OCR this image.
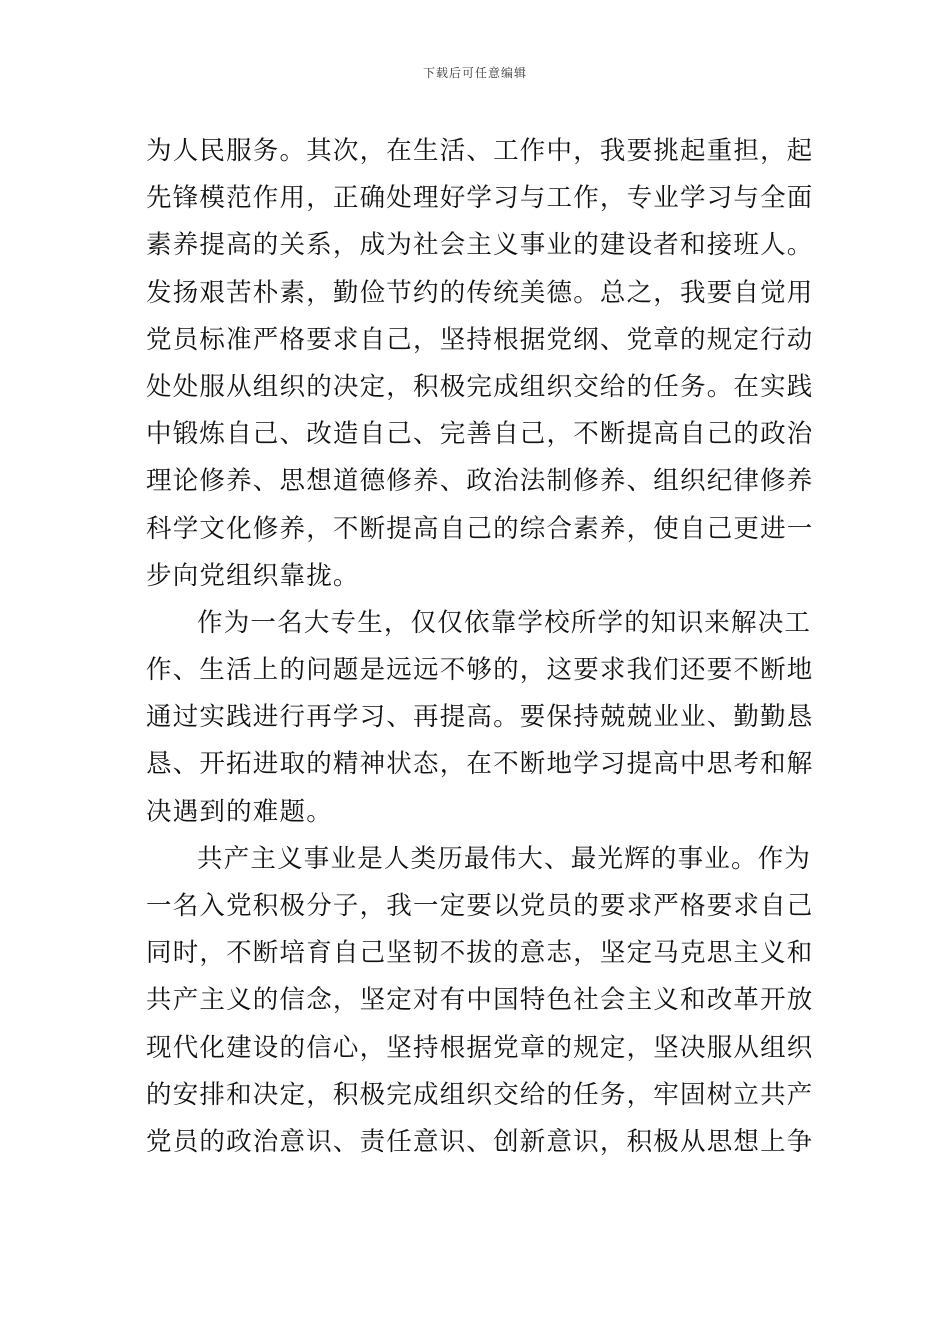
下载后可任意编辑
为人民服务。其次，在生活、工作中，我要挑起重担，起
先锋模范作用，正确处理好学习与工作，专业学习与全面
素养提高的关系，成为社会主义事业的建设者和接班人。
发扬艰苦朴素，勤俭节约的传统美德。总之，我要自觉用
党员标准严格要求自己，坚持根据党纲、党章的规定行动
处处服从组织的决定，积极完成组织交给的任务。在实践
中锻炼自己、改造自己、完善自己，不断提高自己的政治
理论修养、思想道德修养、政治法制修养、组织纪律修养
科学文化修养，不断提高自己的综合素养，使自己更进一
步向党组织靠拢。
作为一名大专生，仅仅依靠学校所学的知识来解决工
作、生活上的问题是远远不够的，这要求我们还要不断地
通过实践进行再学习、再提高。要保持兢兢业业、勤勤恳
恳、开拓进取的精神状态，在不断地学习提高中思考和解
决遇到的难题。
共产主义事业是人类历最伟大、最光辉的事业。作为
一名入党积极分子，我一定要以党员的要求严格要求自己
同时，不断培育自己坚韧不拔的意志，坚定马克思主义和
共产主义的信念，坚定对有中国特色社会主义和改革开放
现代化建设的信心，坚持根据党章的规定，坚决服从组织
的安排和决定，积极完成组织交给的任务，牢固树立共产
党员的政治意识、责任意识、创新意识，积极从思想上争
